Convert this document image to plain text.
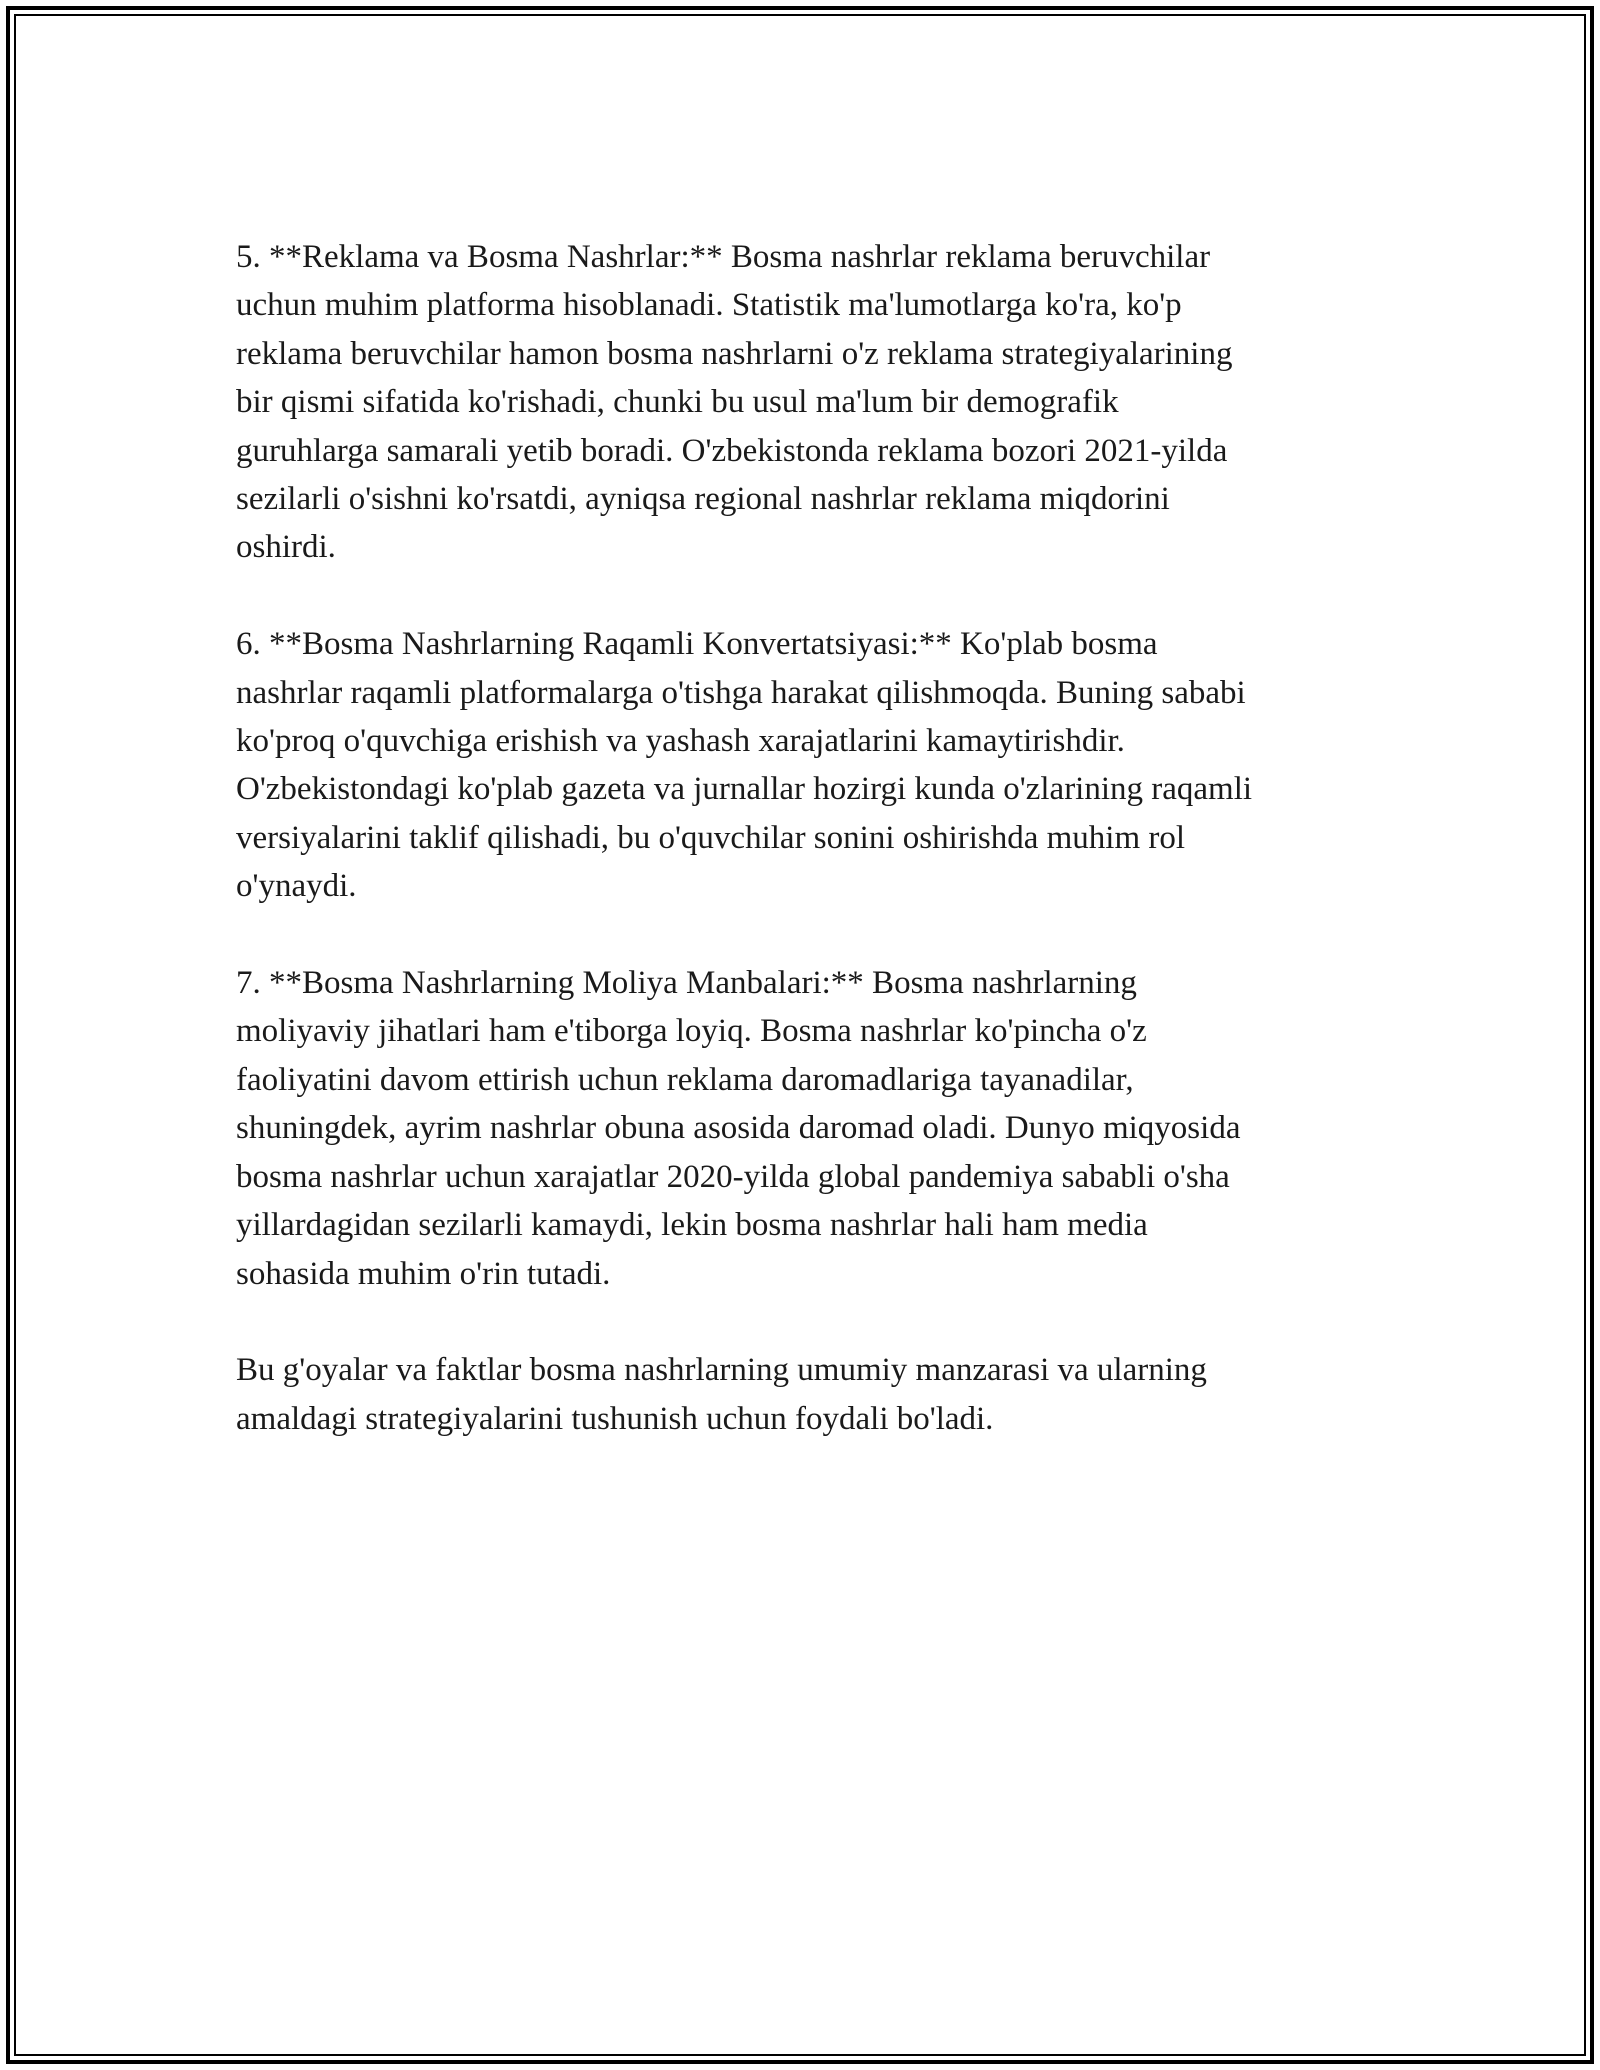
5. **Reklama va Bosma Nashrlar:** Bosma nashrlar reklama beruvchilar
uchun muhim platforma hisoblanadi. Statistik ma'lumotlarga ko'ra, ko'p
reklama beruvchilar hamon bosma nashrlarni o'z reklama strategiyalarining
bir qismi sifatida ko'rishadi, chunki bu usul ma'lum bir demografik
guruhlarga samarali yetib boradi. O'zbekistonda reklama bozori 2021-yilda
sezilarli o'sishni ko'rsatdi, ayniqsa regional nashrlar reklama miqdorini
oshirdi.

6. **Bosma Nashrlarning Raqamli Konvertatsiyasi:** Ko'plab bosma
nashrlar raqamli platformalarga o'tishga harakat qilishmoqda. Buning sababi
ko'proq o'quvchiga erishish va yashash xarajatlarini kamaytirishdir.
O'zbekistondagi ko'plab gazeta va jurnallar hozirgi kunda o'zlarining raqamli
versiyalarini taklif qilishadi, bu o'quvchilar sonini oshirishda muhim rol
o'ynaydi.

7. **Bosma Nashrlarning Moliya Manbalari:** Bosma nashrlarning
moliyaviy jihatlari ham e'tiborga loyiq. Bosma nashrlar ko'pincha o'z
faoliyatini davom ettirish uchun reklama daromadlariga tayanadilar,
shuningdek, ayrim nashrlar obuna asosida daromad oladi. Dunyo miqyosida
bosma nashrlar uchun xarajatlar 2020-yilda global pandemiya sababli o'sha
yillardagidan sezilarli kamaydi, lekin bosma nashrlar hali ham media
sohasida muhim o'rin tutadi.

Bu g'oyalar va faktlar bosma nashrlarning umumiy manzarasi va ularning
amaldagi strategiyalarini tushunish uchun foydali bo'ladi.
